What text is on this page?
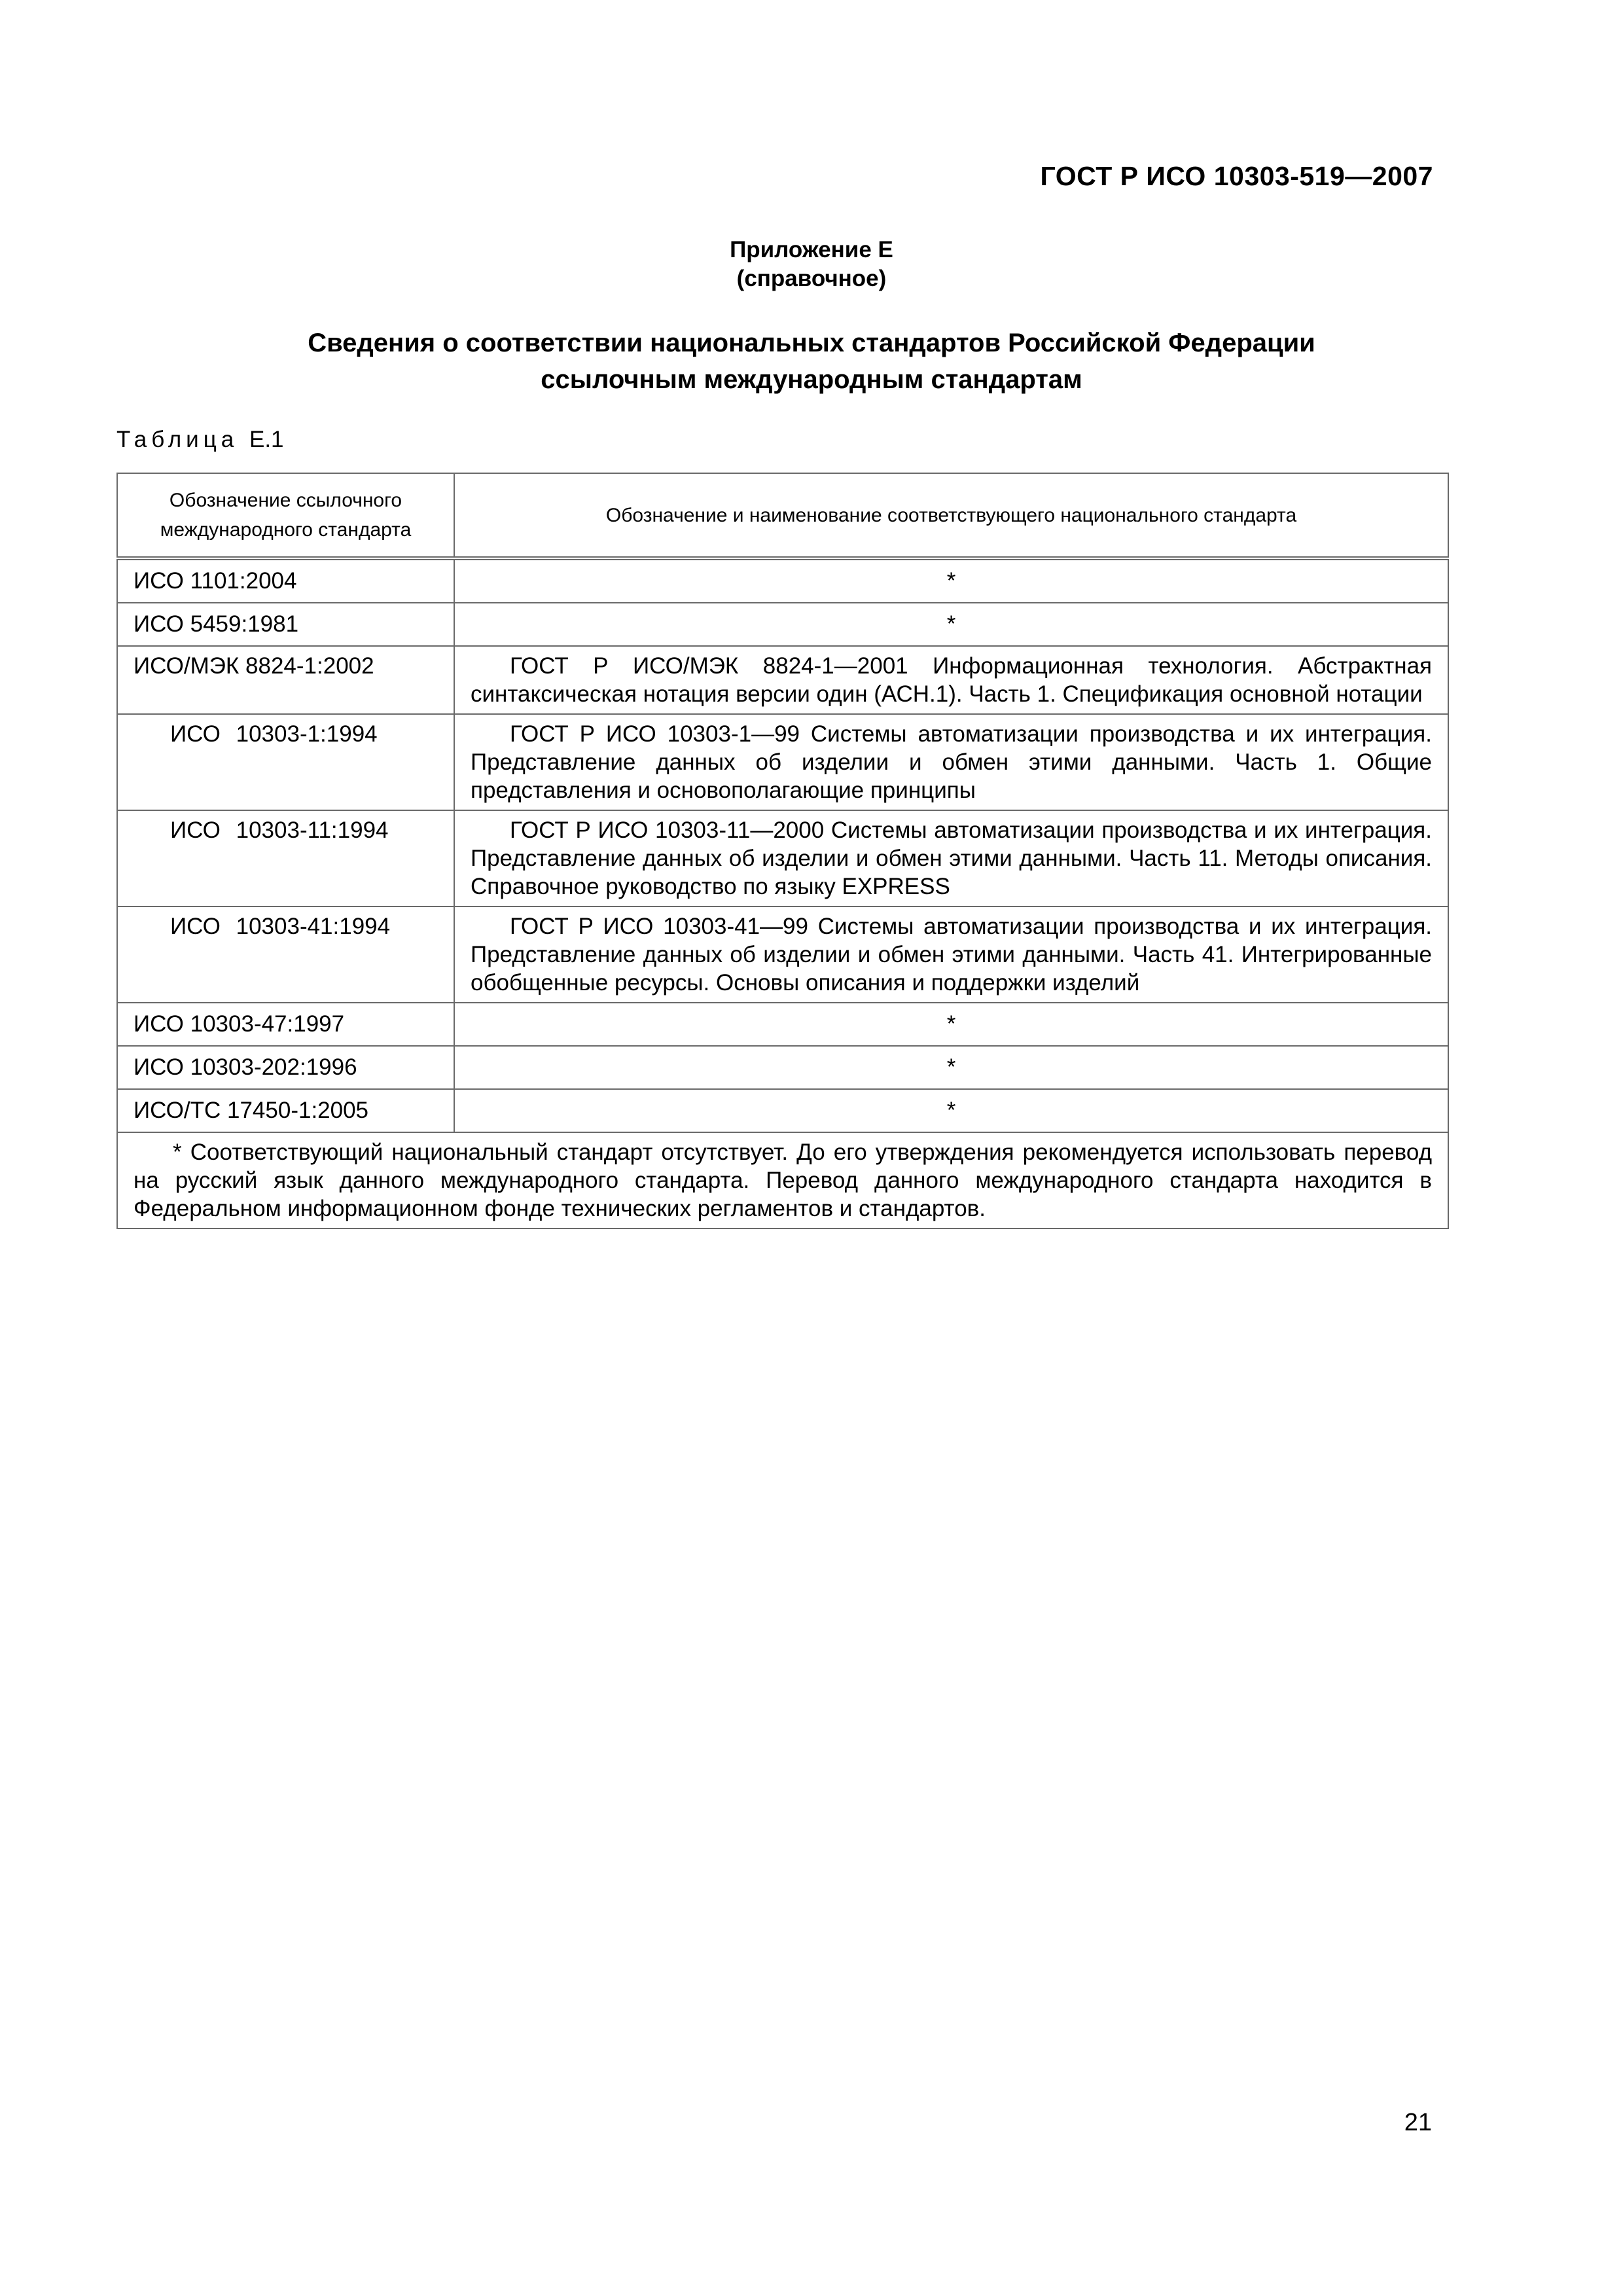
ГОСТ Р ИСО 10303-519—2007
Приложение Е
(справочное)
Сведения о соответствии национальных стандартов Российской Федерации
ссылочным международным стандартам
Таблица Е.1
Обозначение ссылочного
международного стандарта	Обозначение и наименование соответствующего национального стандарта
ИСО 1101:2004	*
ИСО 5459:1981	*
ИСО/МЭК 8824-1:2002	ГОСТ Р ИСО/МЭК 8824-1—2001 Информационная технология. Абстрактная синтаксическая нотация версии один (АСН.1). Часть 1. Спецификация основной нотации

ИСО 10303-1:1994	ГОСТ Р ИСО 10303-1—99 Системы автоматизации производства и их интеграция. Представление данных об изделии и обмен этими данными. Часть 1. Общие представления и основополагающие принципы

ИСО 10303-11:1994	ГОСТ Р ИСО 10303-11—2000 Системы автоматизации производства и их интеграция. Представление данных об изделии и обмен этими данными. Часть 11. Методы описания. Справочное руководство по языку EXPRESS

ИСО 10303-41:1994	ГОСТ Р ИСО 10303-41—99 Системы автоматизации производства и их интеграция. Представление данных об изделии и обмен этими данными. Часть 41. Интегрированные обобщенные ресурсы. Основы описания и поддержки изделий

ИСО 10303-47:1997	*
ИСО 10303-202:1996	*
ИСО/ТС 17450-1:2005	*

* Соответствующий национальный стандарт отсутствует. До его утверждения рекомендуется использовать перевод на русский язык данного международного стандарта. Перевод данного международного стандарта находится в Федеральном информационном фонде технических регламентов и стандартов.	
21
